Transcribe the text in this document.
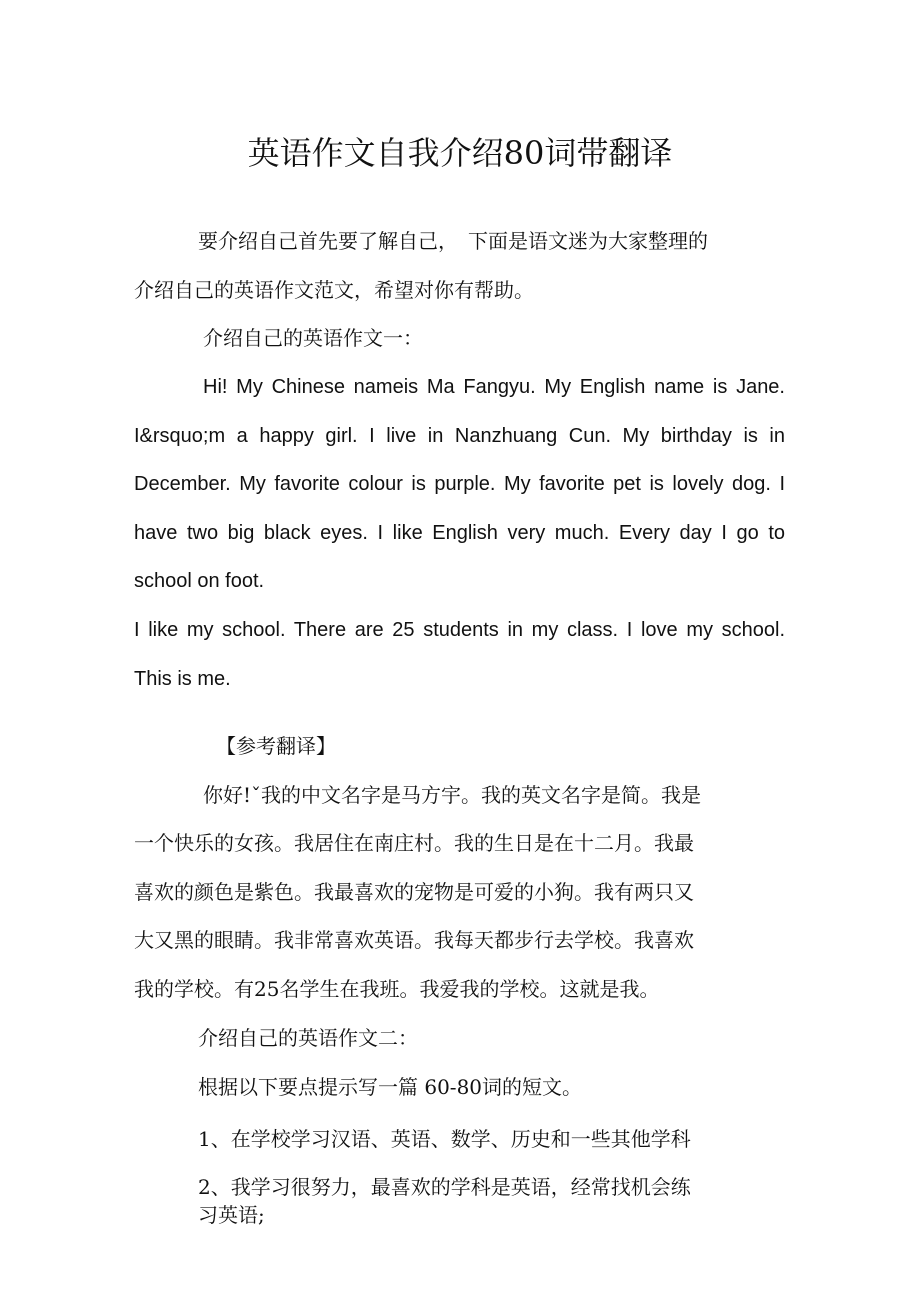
英语作文自我介绍80词带翻译
要介绍自己首先要了解自己，　下面是语文迷为大家整理的
介绍自己的英语作文范文，希望对你有帮助。
介绍自己的英语作文一：
Hi! My Chinese nameis Ma Fangyu. My English name is Jane.
I&rsquo;m a happy girl. I live in Nanzhuang Cun. My birthday is in
December. My favorite colour is purple. My favorite pet is lovely dog. I
have two big black eyes. I like English very much. Every day I go to
school on foot.
I like my school. There are 25 students in my class. I love my school.
This is me.
【参考翻译】
你好!ˇ我的中文名字是马方宇。我的英文名字是简。我是
一个快乐的女孩。我居住在南庄村。我的生日是在十二月。我最
喜欢的颜色是紫色。我最喜欢的宠物是可爱的小狗。我有两只又
大又黑的眼睛。我非常喜欢英语。我每天都步行去学校。我喜欢
我的学校。有25名学生在我班。我爱我的学校。这就是我。
介绍自己的英语作文二：
根据以下要点提示写一篇 60-80词的短文。
1、在学校学习汉语、英语、数学、历史和一些其他学科
2、我学习很努力，最喜欢的学科是英语，经常找机会练
习英语;
